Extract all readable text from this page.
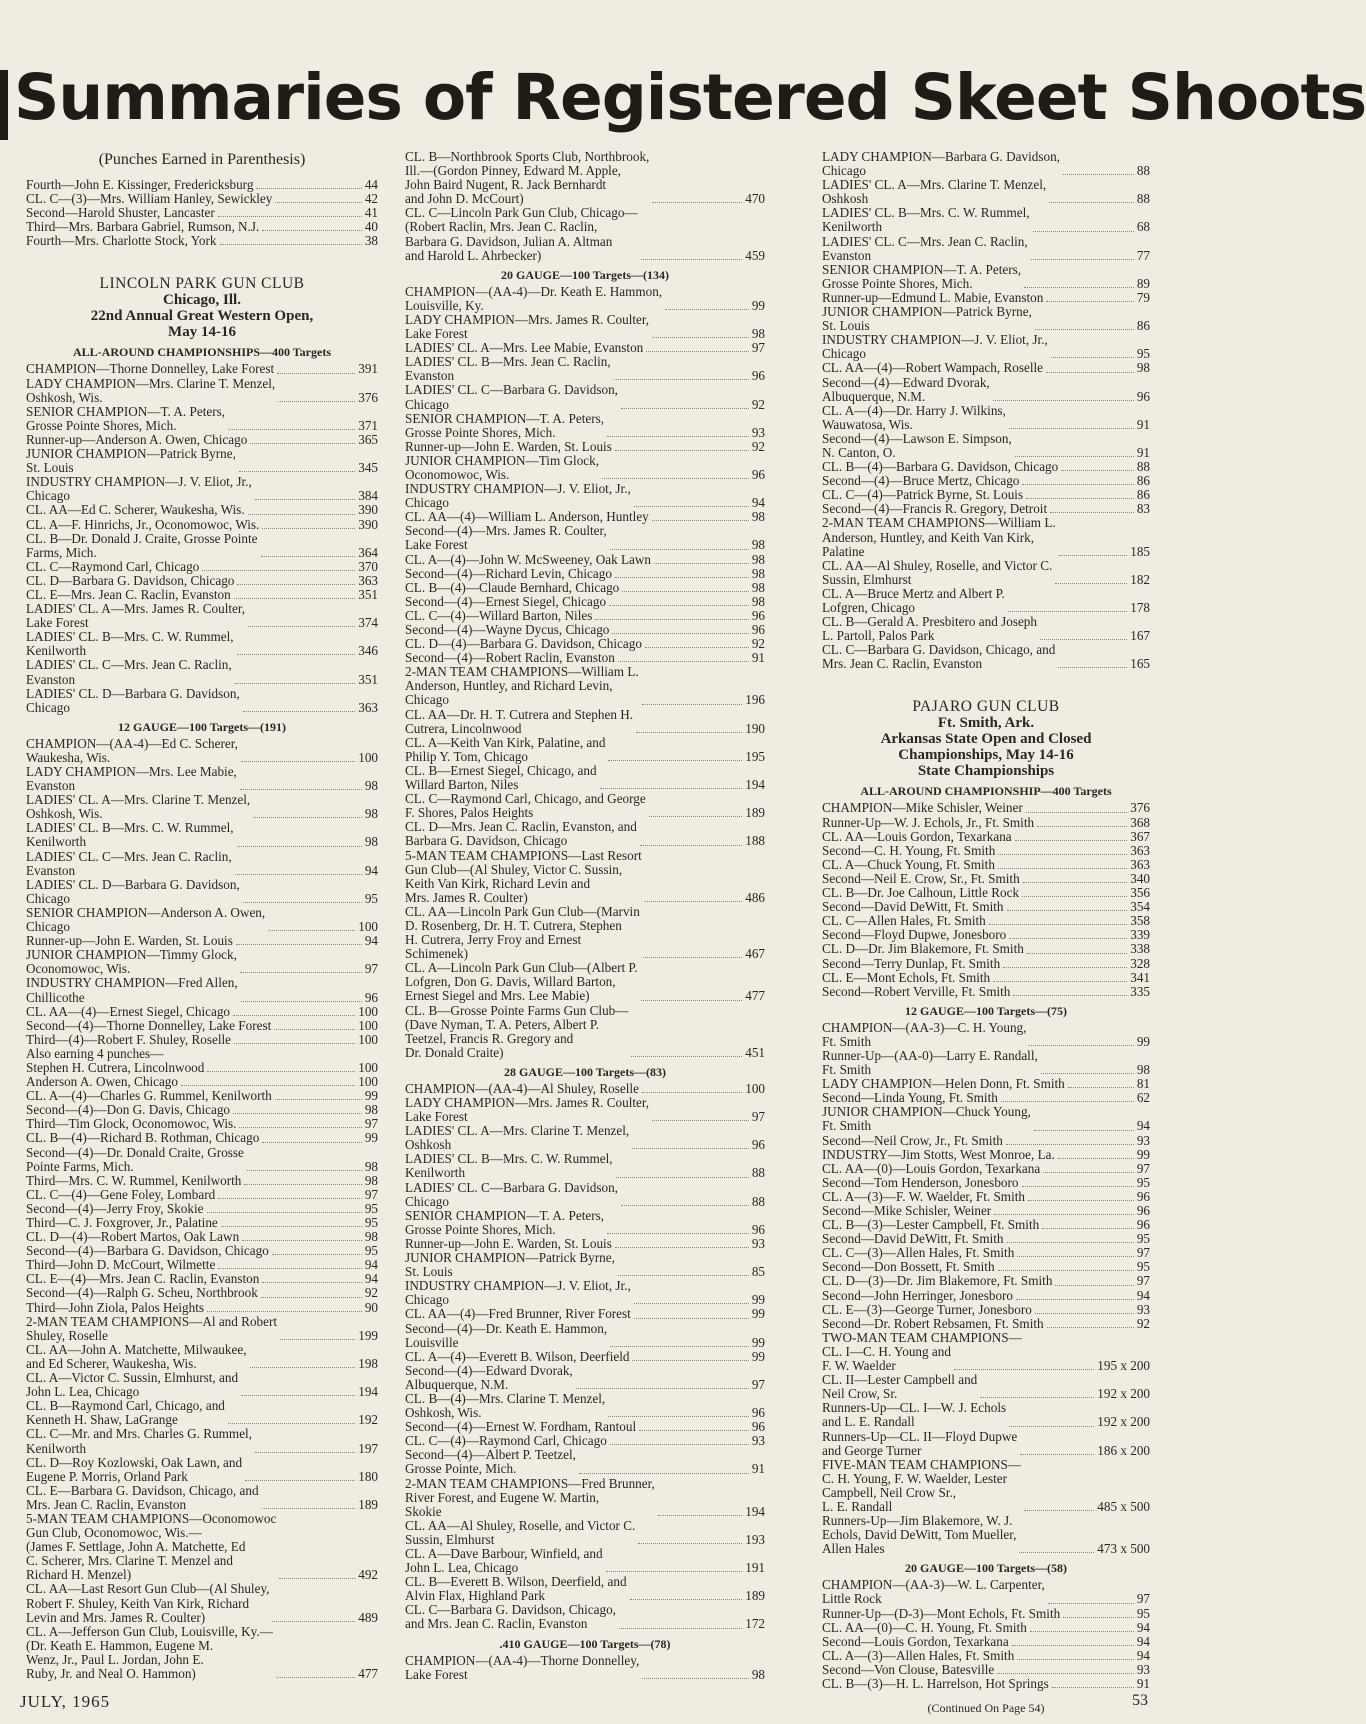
Summaries of Registered Skeet Shoots
(Punches Earned in Parenthesis)
Fourth—John E. Kissinger, Fredericksburg	44
CL. C—(3)—Mrs. William Hanley, Sewickley	42
Second—Harold Shuster, Lancaster	41
Third—Mrs. Barbara Gabriel, Rumson, N.J.	40
Fourth—Mrs. Charlotte Stock, York	38
LINCOLN PARK GUN CLUB
Chicago, Ill.
22nd Annual Great Western Open,
May 14-16
ALL-AROUND CHAMPIONSHIPS—400 Targets
CHAMPION—Thorne Donnelley, Lake Forest	391
LADY CHAMPION—Mrs. Clarine T. Menzel,
Oshkosh, Wis.	376
SENIOR CHAMPION—T. A. Peters,
Grosse Pointe Shores, Mich.	371
Runner-up—Anderson A. Owen, Chicago	365
JUNIOR CHAMPION—Patrick Byrne,
St. Louis	345
INDUSTRY CHAMPION—J. V. Eliot, Jr.,
Chicago	384
CL. AA—Ed C. Scherer, Waukesha, Wis.	390
CL. A—F. Hinrichs, Jr., Oconomowoc, Wis.	390
CL. B—Dr. Donald J. Craite, Grosse Pointe
Farms, Mich.	364
CL. C—Raymond Carl, Chicago	370
CL. D—Barbara G. Davidson, Chicago	363
CL. E—Mrs. Jean C. Raclin, Evanston	351
LADIES' CL. A—Mrs. James R. Coulter,
Lake Forest	374
LADIES' CL. B—Mrs. C. W. Rummel,
Kenilworth	346
LADIES' CL. C—Mrs. Jean C. Raclin,
Evanston	351
LADIES' CL. D—Barbara G. Davidson,
Chicago	363
12 GAUGE—100 Targets—(191)
CHAMPION—(AA-4)—Ed C. Scherer,
Waukesha, Wis.	100
LADY CHAMPION—Mrs. Lee Mabie,
Evanston	98
LADIES' CL. A—Mrs. Clarine T. Menzel,
Oshkosh, Wis.	98
LADIES' CL. B—Mrs. C. W. Rummel,
Kenilworth	98
LADIES' CL. C—Mrs. Jean C. Raclin,
Evanston	94
LADIES' CL. D—Barbara G. Davidson,
Chicago	95
SENIOR CHAMPION—Anderson A. Owen,
Chicago	100
Runner-up—John E. Warden, St. Louis	94
JUNIOR CHAMPION—Timmy Glock,
Oconomowoc, Wis.	97
INDUSTRY CHAMPION—Fred Allen,
Chillicothe	96
CL. AA—(4)—Ernest Siegel, Chicago	100
Second—(4)—Thorne Donnelley, Lake Forest	100
Third—(4)—Robert F. Shuley, Roselle	100
Also earning 4 punches—
Stephen H. Cutrera, Lincolnwood	100
Anderson A. Owen, Chicago	100
CL. A—(4)—Charles G. Rummel, Kenilworth	99
Second—(4)—Don G. Davis, Chicago	98
Third—Tim Glock, Oconomowoc, Wis.	97
CL. B—(4)—Richard B. Rothman, Chicago	99
Second—(4)—Dr. Donald Craite, Grosse
Pointe Farms, Mich.	98
Third—Mrs. C. W. Rummel, Kenilworth	98
CL. C—(4)—Gene Foley, Lombard	97
Second—(4)—Jerry Froy, Skokie	95
Third—C. J. Foxgrover, Jr., Palatine	95
CL. D—(4)—Robert Martos, Oak Lawn	98
Second—(4)—Barbara G. Davidson, Chicago	95
Third—John D. McCourt, Wilmette	94
CL. E—(4)—Mrs. Jean C. Raclin, Evanston	94
Second—(4)—Ralph G. Scheu, Northbrook	92
Third—John Ziola, Palos Heights	90
2-MAN TEAM CHAMPIONS—Al and Robert
Shuley, Roselle	199
CL. AA—John A. Matchette, Milwaukee,
and Ed Scherer, Waukesha, Wis.	198
CL. A—Victor C. Sussin, Elmhurst, and
John L. Lea, Chicago	194
CL. B—Raymond Carl, Chicago, and
Kenneth H. Shaw, LaGrange	192
CL. C—Mr. and Mrs. Charles G. Rummel,
Kenilworth	197
CL. D—Roy Kozlowski, Oak Lawn, and
Eugene P. Morris, Orland Park	180
CL. E—Barbara G. Davidson, Chicago, and
Mrs. Jean C. Raclin, Evanston	189
5-MAN TEAM CHAMPIONS—Oconomowoc
Gun Club, Oconomowoc, Wis.—
(James F. Settlage, John A. Matchette, Ed
C. Scherer, Mrs. Clarine T. Menzel and
Richard H. Menzel)	492
CL. AA—Last Resort Gun Club—(Al Shuley,
Robert F. Shuley, Keith Van Kirk, Richard
Levin and Mrs. James R. Coulter)	489
CL. A—Jefferson Gun Club, Louisville, Ky.—
(Dr. Keath E. Hammon, Eugene M.
Wenz, Jr., Paul L. Jordan, John E.
Ruby, Jr. and Neal O. Hammon)	477
CL. B—Northbrook Sports Club, Northbrook,
Ill.—(Gordon Pinney, Edward M. Apple,
John Baird Nugent, R. Jack Bernhardt
and John D. McCourt)	470
CL. C—Lincoln Park Gun Club, Chicago—
(Robert Raclin, Mrs. Jean C. Raclin,
Barbara G. Davidson, Julian A. Altman
and Harold L. Ahrbecker)	459
20 GAUGE—100 Targets—(134)
CHAMPION—(AA-4)—Dr. Keath E. Hammon,
Louisville, Ky.	99
LADY CHAMPION—Mrs. James R. Coulter,
Lake Forest	98
LADIES' CL. A—Mrs. Lee Mabie, Evanston	97
LADIES' CL. B—Mrs. Jean C. Raclin,
Evanston	96
LADIES' CL. C—Barbara G. Davidson,
Chicago	92
SENIOR CHAMPION—T. A. Peters,
Grosse Pointe Shores, Mich.	93
Runner-up—John E. Warden, St. Louis	92
JUNIOR CHAMPION—Tim Glock,
Oconomowoc, Wis.	96
INDUSTRY CHAMPION—J. V. Eliot, Jr.,
Chicago	94
CL. AA—(4)—William L. Anderson, Huntley	98
Second—(4)—Mrs. James R. Coulter,
Lake Forest	98
CL. A—(4)—John W. McSweeney, Oak Lawn	98
Second—(4)—Richard Levin, Chicago	98
CL. B—(4)—Claude Bernhard, Chicago	98
Second—(4)—Ernest Siegel, Chicago	98
CL. C—(4)—Willard Barton, Niles	96
Second—(4)—Wayne Dycus, Chicago	96
CL. D—(4)—Barbara G. Davidson, Chicago	92
Second—(4)—Robert Raclin, Evanston	91
2-MAN TEAM CHAMPIONS—William L.
Anderson, Huntley, and Richard Levin,
Chicago	196
CL. AA—Dr. H. T. Cutrera and Stephen H.
Cutrera, Lincolnwood	190
CL. A—Keith Van Kirk, Palatine, and
Philip Y. Tom, Chicago	195
CL. B—Ernest Siegel, Chicago, and
Willard Barton, Niles	194
CL. C—Raymond Carl, Chicago, and George
F. Shores, Palos Heights	189
CL. D—Mrs. Jean C. Raclin, Evanston, and
Barbara G. Davidson, Chicago	188
5-MAN TEAM CHAMPIONS—Last Resort
Gun Club—(Al Shuley, Victor C. Sussin,
Keith Van Kirk, Richard Levin and
Mrs. James R. Coulter)	486
CL. AA—Lincoln Park Gun Club—(Marvin
D. Rosenberg, Dr. H. T. Cutrera, Stephen
H. Cutrera, Jerry Froy and Ernest
Schimenek)	467
CL. A—Lincoln Park Gun Club—(Albert P.
Lofgren, Don G. Davis, Willard Barton,
Ernest Siegel and Mrs. Lee Mabie)	477
CL. B—Grosse Pointe Farms Gun Club—
(Dave Nyman, T. A. Peters, Albert P.
Teetzel, Francis R. Gregory and
Dr. Donald Craite)	451
28 GAUGE—100 Targets—(83)
CHAMPION—(AA-4)—Al Shuley, Roselle	100
LADY CHAMPION—Mrs. James R. Coulter,
Lake Forest	97
LADIES' CL. A—Mrs. Clarine T. Menzel,
Oshkosh	96
LADIES' CL. B—Mrs. C. W. Rummel,
Kenilworth	88
LADIES' CL. C—Barbara G. Davidson,
Chicago	88
SENIOR CHAMPION—T. A. Peters,
Grosse Pointe Shores, Mich.	96
Runner-up—John E. Warden, St. Louis	93
JUNIOR CHAMPION—Patrick Byrne,
St. Louis	85
INDUSTRY CHAMPION—J. V. Eliot, Jr.,
Chicago	99
CL. AA—(4)—Fred Brunner, River Forest	99
Second—(4)—Dr. Keath E. Hammon,
Louisville	99
CL. A—(4)—Everett B. Wilson, Deerfield	99
Second—(4)—Edward Dvorak,
Albuquerque, N.M.	97
CL. B—(4)—Mrs. Clarine T. Menzel,
Oshkosh, Wis.	96
Second—(4)—Ernest W. Fordham, Rantoul	96
CL. C—(4)—Raymond Carl, Chicago	93
Second—(4)—Albert P. Teetzel,
Grosse Pointe, Mich.	91
2-MAN TEAM CHAMPIONS—Fred Brunner,
River Forest, and Eugene W. Martin,
Skokie	194
CL. AA—Al Shuley, Roselle, and Victor C.
Sussin, Elmhurst	193
CL. A—Dave Barbour, Winfield, and
John L. Lea, Chicago	191
CL. B—Everett B. Wilson, Deerfield, and
Alvin Flax, Highland Park	189
CL. C—Barbara G. Davidson, Chicago,
and Mrs. Jean C. Raclin, Evanston	172
.410 GAUGE—100 Targets—(78)
CHAMPION—(AA-4)—Thorne Donnelley,
Lake Forest	98
LADY CHAMPION—Barbara G. Davidson,
Chicago	88
LADIES' CL. A—Mrs. Clarine T. Menzel,
Oshkosh	88
LADIES' CL. B—Mrs. C. W. Rummel,
Kenilworth	68
LADIES' CL. C—Mrs. Jean C. Raclin,
Evanston	77
SENIOR CHAMPION—T. A. Peters,
Grosse Pointe Shores, Mich.	89
Runner-up—Edmund L. Mabie, Evanston	79
JUNIOR CHAMPION—Patrick Byrne,
St. Louis	86
INDUSTRY CHAMPION—J. V. Eliot, Jr.,
Chicago	95
CL. AA—(4)—Robert Wampach, Roselle	98
Second—(4)—Edward Dvorak,
Albuquerque, N.M.	96
CL. A—(4)—Dr. Harry J. Wilkins,
Wauwatosa, Wis.	91
Second—(4)—Lawson E. Simpson,
N. Canton, O.	91
CL. B—(4)—Barbara G. Davidson, Chicago	88
Second—(4)—Bruce Mertz, Chicago	86
CL. C—(4)—Patrick Byrne, St. Louis	86
Second—(4)—Francis R. Gregory, Detroit	83
2-MAN TEAM CHAMPIONS—William L.
Anderson, Huntley, and Keith Van Kirk,
Palatine	185
CL. AA—Al Shuley, Roselle, and Victor C.
Sussin, Elmhurst	182
CL. A—Bruce Mertz and Albert P.
Lofgren, Chicago	178
CL. B—Gerald A. Presbitero and Joseph
L. Partoll, Palos Park	167
CL. C—Barbara G. Davidson, Chicago, and
Mrs. Jean C. Raclin, Evanston	165
PAJARO GUN CLUB
Ft. Smith, Ark.
Arkansas State Open and Closed
Championships, May 14-16
State Championships
ALL-AROUND CHAMPIONSHIP—400 Targets
CHAMPION—Mike Schisler, Weiner	376
Runner-Up—W. J. Echols, Jr., Ft. Smith	368
CL. AA—Louis Gordon, Texarkana	367
Second—C. H. Young, Ft. Smith	363
CL. A—Chuck Young, Ft. Smith	363
Second—Neil E. Crow, Sr., Ft. Smith	340
CL. B—Dr. Joe Calhoun, Little Rock	356
Second—David DeWitt, Ft. Smith	354
CL. C—Allen Hales, Ft. Smith	358
Second—Floyd Dupwe, Jonesboro	339
CL. D—Dr. Jim Blakemore, Ft. Smith	338
Second—Terry Dunlap, Ft. Smith	328
CL. E—Mont Echols, Ft. Smith	341
Second—Robert Verville, Ft. Smith	335
12 GAUGE—100 Targets—(75)
CHAMPION—(AA-3)—C. H. Young,
Ft. Smith	99
Runner-Up—(AA-0)—Larry E. Randall,
Ft. Smith	98
LADY CHAMPION—Helen Donn, Ft. Smith	81
Second—Linda Young, Ft. Smith	62
JUNIOR CHAMPION—Chuck Young,
Ft. Smith	94
Second—Neil Crow, Jr., Ft. Smith	93
INDUSTRY—Jim Stotts, West Monroe, La.	99
CL. AA—(0)—Louis Gordon, Texarkana	97
Second—Tom Henderson, Jonesboro	95
CL. A—(3)—F. W. Waelder, Ft. Smith	96
Second—Mike Schisler, Weiner	96
CL. B—(3)—Lester Campbell, Ft. Smith	96
Second—David DeWitt, Ft. Smith	95
CL. C—(3)—Allen Hales, Ft. Smith	97
Second—Don Bossett, Ft. Smith	95
CL. D—(3)—Dr. Jim Blakemore, Ft. Smith	97
Second—John Herringer, Jonesboro	94
CL. E—(3)—George Turner, Jonesboro	93
Second—Dr. Robert Rebsamen, Ft. Smith	92
TWO-MAN TEAM CHAMPIONS—
CL. I—C. H. Young and
F. W. Waelder	195 x 200
CL. II—Lester Campbell and
Neil Crow, Sr.	192 x 200
Runners-Up—CL. I—W. J. Echols
and L. E. Randall	192 x 200
Runners-Up—CL. II—Floyd Dupwe
and George Turner	186 x 200
FIVE-MAN TEAM CHAMPIONS—
C. H. Young, F. W. Waelder, Lester
Campbell, Neil Crow Sr.,
L. E. Randall	485 x 500
Runners-Up—Jim Blakemore, W. J.
Echols, David DeWitt, Tom Mueller,
Allen Hales	473 x 500
20 GAUGE—100 Targets—(58)
CHAMPION—(AA-3)—W. L. Carpenter,
Little Rock	97
Runner-Up—(D-3)—Mont Echols, Ft. Smith	95
CL. AA—(0)—C. H. Young, Ft. Smith	94
Second—Louis Gordon, Texarkana	94
CL. A—(3)—Allen Hales, Ft. Smith	94
Second—Von Clouse, Batesville	93
CL. B—(3)—H. L. Harrelson, Hot Springs	91
(Continued On Page 54)
JULY, 1965	53
